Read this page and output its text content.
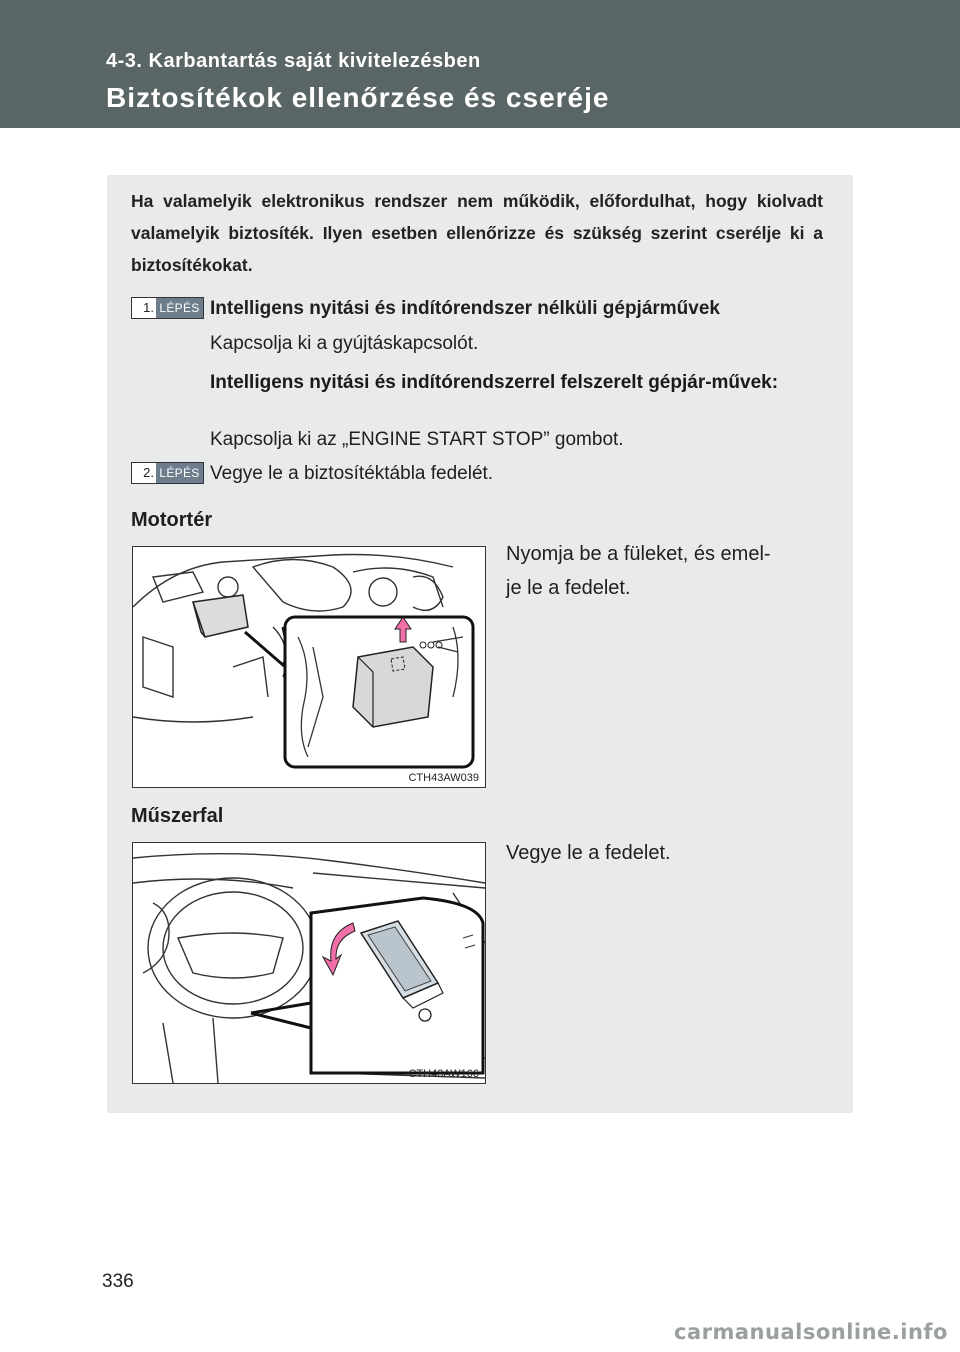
4-3. Karbantartás saját kivitelezésben
Biztosítékok ellenőrzése és cseréje
Ha valamelyik elektronikus rendszer nem működik, előfordulhat, hogy kiolvadt valamelyik biztosíték. Ilyen esetben ellenőrizze és szükség szerint cserélje ki a biztosítékokat.
1. LÉPÉS Intelligens nyitási és indítórendszer nélküli gépjárművek
Kapcsolja ki a gyújtáskapcsolót.
Intelligens nyitási és indítórendszerrel felszerelt gépjár-művek:
Kapcsolja ki az „ENGINE START STOP” gombot.
2. LÉPÉS Vegye le a biztosítéktábla fedelét.
Motortér
CTH43AW039
Nyomja be a füleket, és emel-
je le a fedelet.
Műszerfal
CTH43AW166
Vegye le a fedelet.
336
carmanualsonline.info
